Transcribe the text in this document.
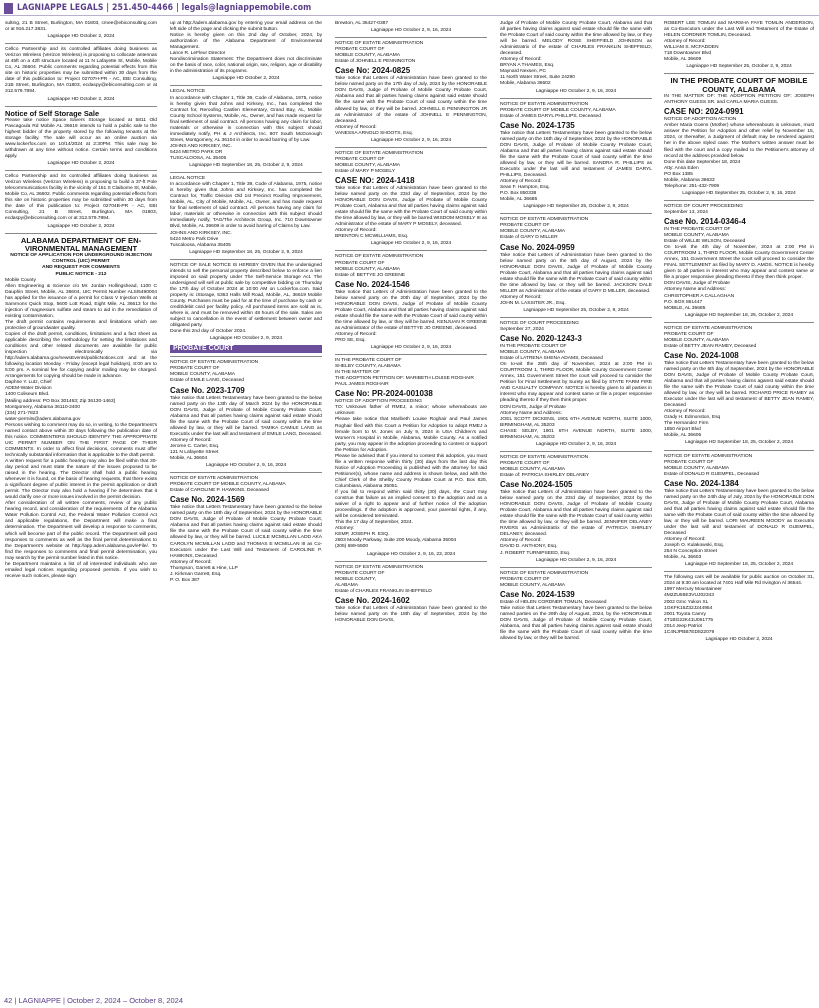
LAGNIAPPE LEGALS | 251.450-4466 | legals@lagniappemobile.com

sulting, 21 B Street, Burlington, MA 01803, cmee@ebiconsulting.com or at 916.217.3831.

Lagniappe HD October 2, 2024

Cellco Partnership and its controlled affiliates doing business as Verizon Wireless (Verizon Wireless) is proposing to collocate antennas at 45ft on a 42ft structure located at 11 N Lafayette St, Mobile, Mobile Co, AL 36604. Public comments regarding potential effects from this site on historic properties may be submitted within 30 days from the date of this publication to: Project 02707H-PR - AC, EBI Consulting, 21B Street, Burlington, MA 01803, ecdaspy@ebiconsulting.com or at 312.579.7894.

Lagniappe HD October 2, 2024

Notice of Self Storage Sale

Please take notice Space Savers Storage located at 5811 Old Pascagoula Rd Mobile AL 36619 intends to hold a public sale to the highest bidder of the property stored by the following tenants at the storage facility. The sale will occur as an online auction via www.lockerfox.com on 10/14/2024 at 2:30PM. This sale may be withdrawn at any time without notice. Certain terms and conditions apply.

Lagniappe HD October 2, 2024

Cellco Partnership and its controlled affiliates doing business as Verizon Wireless (Verizon Wireless) is proposing to build a 37-ft Pole telecommunications facility in the vicinity of 151 S Claiborne St, Mobile, Mobile Co, AL 36602. Public comments regarding potential effects from this site on historic properties may be submitted within 30 days from the date of this publication to: Project 02704B-PR - AC, EBI Consulting, 21 B Street, Burlington, MA 01803, ecdaspy@ebiconsulting.com or at 312.579.7894.

Lagniappe HD October 2, 2024

ALABAMA DEPARTMENT OF EN-VIRONMENTAL MANAGEMENT
NOTICE OF APPLICATION FOR UNDERGROUND INJECTION CONTROL (UIC) PERMIT
AND REQUEST FOR COMMENTS
PUBLIC NOTICE - 212

Mobile County

Allen Engineering & Science c/o Mr. Jordan Hollingshead, 1100 C Dauphin Street, Mobile, AL 36604, UIC Permit Number ALSI5490004 has applied for the issuance of a permit for Class V Injection Wells at Sammons Quick Stop, 5600 Lott Road, Eight Mile, AL 36613 for the injection of magnesium sulfate and steam to aid in the remediation of existing contamination.

The draft permit contains requirements and limitations which are protective of groundwater quality.

Copies of the draft permit, conditions, limitations and a fact sheet as applicable describing the methodology for setting the limitations and conditions and other related documents are available for public inspection electronically via http://adem.alabama.gov/newsEvents/publicNotices.cnt and at the following location Monday - Friday (except legal holidays), 8:00 am to 5:00 pm. A nominal fee for copying and/or mailing may be charged. Arrangements for copying should be made in advance.

Daphne Y. Lutz, Chief

ADEM-Water Division

1400 Coliseum Blvd.

[Mailing address: PO Box 301463; Zip 36130-1463]

Montgomery, Alabama 36110-2400

(334) 271-7823

water-permits@adem.alabama.gov

Persons wishing to comment may do so, in writing, to the Department's named contact above within 30 days following the publication date of this notice. COMMENTERS SHOULD IDENTIFY THE APPROPRIATE UIC PERMIT NUMBER ON THE FIRST PAGE OF THEIR COMMENTS. In order to affect final decisions, comments must offer technically substantial information that is applicable to the draft permit.

A written request for a public hearing may also be filed within that 30-day period and must state the nature of the issues proposed to be raised in the hearing. The Director shall hold a public hearing whenever it is found, on the basis of hearing requests, that there exists a significant degree of public interest in the permit application or draft permit. The Director may also hold a hearing if he determines that it would clarify one or more issues involved in the permit decision.

After consideration of all written comments, review of any public hearing record, and consideration of the requirements of the Alabama Water Pollution Control Act, the Federal Water Pollution Control Act and applicable regulations, the Department will make a final determination. The Department will develop a response to comments, which will become part of the public record. The Department will post responses to comments as well as the final permit determinations to the Department's website at http://app.adem.alabama.gov/eFile/. To find the responses to comments and final permit determination, you may search by the permit number listed in this notice.

he Department maintains a list of all interested individuals who are emailed legal notices regarding proposed permits. If you wish to receive such notices, please sign

up at http://adem.alabama.gov by entering your email address on the left side of the page and clicking the submit button.

Notice is hereby given on this 2nd day of October, 2024, by authorization of the Alabama Department of Environmental Management.

Lance R. LeFleur Director

Nondiscrimination Statement: The Department does not discriminate on the basis of race, color, national origin, sex, religion, age or disability in the administration of its programs.

Lagniappe HD October 2, 2024

LEGAL NOTICE

In accordance with Chapter 1, Title 39, Code of Alabama, 1975, notice is hereby given that Johns and Kirksey, Inc., has completed the Contract for, Reroofing Castlen Elementary, Grand Bay, AL, Mobile County School Systems, Mobile, AL, Owner, and has made request for final settlement of said contract. All persons having any claim for labor, materials or otherwise in connection with this subject should immediately notify, PH & J Architects, Inc. 807 South McDonough Street, Montgomery, AL 36104 in order to avoid barring of by Law.

JOHNS AND KIRKSEY, INC.

5424 METRO PARK DR

TUSCALOOSA, AL 35405

Lagniappe HD September 18, 25, October 2, 9, 2024

LEGAL NOTICE

In accordance with Chapter 1, Title 39, Code of Alabama, 1975, notice is hereby given that Johns and Kirksey, Inc. has completed the Contract for, Traffic Division Old 1st Precinct Roofing Improvement, Mobile, AL, City of Mobile, Mobile, AL, Owner, and has made request for final settlement of said contract. All persons having any claim for labor, materials or otherwise in connection with this subject should immediately notify, TAG/The Architects Group, Inc. 710 Downtowner Blvd, Mobile, AL 36609 in order to avoid barring of Claims by Law.

JOHNS AND KIRKSEY, INC.

5424 Metro Park Drive

Tuscaloosa, Alabama 35405

Lagniappe HD September 18, 25, October 2, 9, 2024

NOTICE OF SALE NOTICE IS HEREBY GIVEN that the undersigned intends to sell the personal property described below to enforce a lien imposed on said property under The Self-Service Storage Act. The undersigned will sell at public sale by competitive bidding on Thursday the 17th day of October 2024 at 10:00 AM on Lockerfox.com. Said property is: iStorage, 5363 Halls Mill Road, Mobile, AL, 36619 Mobile County. Purchases must be paid for at the time of purchase by cash or credit/debit card per facility policy. All purchased items are sold as is, where is, and must be removed within 48 hours of the sale. Sales are subject to cancellation in the event of settlement between owner and obligated party.

Done this 2nd day of October 2024.

Lagniappe HD October 2, 9, 2024

PROBATE COURT

NOTICE OF ESTATE ADMINISTRATION

PROBATE COURT OF

MOBILE COUNTY, ALABAMA

Estate of EMILE LANG, Deceased

Case No. 2023-1709

Take notice that Letters Testamentary have been granted to the below named party on the 13th day of March 2024 by the HONORABLE DON DAVIS, Judge of Probate of Mobile County Probate Court, Alabama and that all parties having claims against said estate should file the same with the Probate Court of said county within the time allowed by law, or they will be barred. TAMIKA CAMILE LANG as Executrix under the last will and testament of EMILE LANG, Deceased.

Attorney of Record:

Jerome C. Carter, Esq.

121 N Lafayette Street

Mobile, AL 36604

Lagniappe HD October 2, 9, 16, 2024

NOTICE OF ESTATE ADMINISTRATION

PROBATE COURT OF MOBILE COUNTY, ALABAMA

Estate of CAROLINE P. HAWKINS, Deceased

Case No. 2024-1569

Take notice that Letters Testamentary have been granted to the below named party on the 18th day of September, 2024 by the HONORABLE DON DAVIS, Judge of Probate of Mobile County Probate Court, Alabama and that all parties having claims against said estate should file the same with the Probate Court of said county within the time allowed by law, or they will be barred. LUCILE MCMILLAN LADD AKA CAROLYN MCMILLAN LADD and THOMAS E MCMILLAN III as Co-Executors under the Last Will and Testament of CAROLINE P. HAWKINS, Deceased

Attorney of Record:

Thompson, Garrett & Hine, LLP

J. Kirkman Garrett, Esq.

P. O. Box 387

Brewton, AL 36427-0387

Lagniappe HD October 2, 9, 16, 2024

NOTICE OF ESTATE ADMINISTRATION

PROBATE COURT OF

MOBILE COUNTY, ALABAMA

Estate of JOHNELL E PENNINGTON

Case No: 2024-0825

Take notice that Letters of Administration have been granted to the below named party on the 17th day of July, 2024 by the HONORABLE DON DAVIS, Judge of Probate of Mobile County Probate Court, Alabama and that all parties having claims against said estate should file the same with the Probate Court of said county within the time allowed by law, or they will be barred. JOHNELL E PENNINGTON JR as Administrator of the estate of JOHNELL E PENNINGTON, deceased.

Attorney of Record:

VANESSA ARNOLD SHOOTS, Esq.

Lagniappe HD October 2, 9, 16, 2024

NOTICE OF ESTATE ADMINISTRATION

PROBATE COURT OF

MOBILE COUNTY, ALABAMA

Estate of MARY P MOSELY

CASE NO: 2024-1418

Take notice that Letters of Administration have been granted to the below named party on the 23rd day of September, 2024 by the HONORABLE DON DAVIS, Judge of Probate of Mobile County Probate Court, Alabama and that all parties having claims against said estate should file the same with the Probate Court of said county within the time allowed by law, or they will be barred.WISDOM MOSELY III as Administrator of the estate of MARY P MOSELY, deceased.

Attorney of Record:

BRENTON C MCWILLIAMS, Esq.

Lagniappe HD October 2, 9, 16, 2024

NOTICE OF ESTATE ADMINISTRATION

PROBATE COURT OF

MOBILE COUNTY, ALABAMA

Estate of: BETTYE JO GREENE

Case No. 2024-1546

Take notice that Letters of Administration have been granted to the below named party on the 20th day of September, 2024 by the HONORABLE DON DAVIS, Judge of Probate of Mobile County Probate Court, Alabama and that all parties having claims against said estate should file the same with the Probate Court of said county within the time allowed by law, or they will be barred. KENJUAN R GREENE as Administrator of the estate of BETTYE JO GREENE, deceased.

Attorney of Record:

PRO SE, Esq.

Lagniappe HD October 2, 9, 16, 2024

IN THE PROBATE COURT OF

SHELBY COUNTY, ALABAMA

IN THE MATTER OF

THE ADOPTION PETITION OF: MARIBETH LOUISE ROGHAIR

PAUL JAMES ROGHAIR

Case No: PR-2024-001038

NOTICE OF ADOPTION PROCEEDING

TO: Unknown father of RMEJ, a minor; whose whereabouts are unknown

Please take notice that Maribeth Louise Roghair and Paul James Roghair filed with this Court a Petition for Adoption to adopt RMEJ a female born to M. Jones on July 9, 2024 in USA Children's and Women's Hospital in Mobile, Alabama, Mobile County. As a notified party, you may appear in the adoption proceeding to contest or support the Petition for Adoption.

Please be advised that if you intend to contest this adoption, you must file a written response within thirty (30) days from the last day this Notice of Adoption Proceeding is published with the attorney for said Petitioner(s), whose name and address is shown below, and with the Chief Clerk of the Shelby County Probate Court at P.O. Box 825, Columbiana, Alabama 35051.

If you fail to respond within said thirty (30) days, the Court may construe that failure as an implied consent to the adoption and as a waiver of a right to appear and of further notice of the adoption proceedings. If the adoption is approved, your parental rights, if any, will be considered terminated.

This the 17 day of September, 2024.

Attorney:

KEMP, JOSEPH R. ESQ.

2603 Moody Parkway, Suite 200 Moody, Alabama 35004

(205) 699-5500

Lagniappe HD October 2, 9, 16, 23, 2024

NOTICE OF ESTATE ADMINISTRATION

PROBATE COURT OF

MOBILE COUNTY,

ALABAMA

Estate of CHARLES FRANKLIN SHEFFIELD

Case No. 2024-1602

Take notice that Letters of Administration have been granted to the below named party on the 18th day of September, 2024 by the HONORABLE DON DAVIS,

Judge of Probate of Mobile County Probate Court, Alabama and that all parties having claims against said estate should file the same with the Probate Court of said county within the time allowed by law, or they will be barred. MELODY ROSE SHEFFIELD JOHNSON as Administratrix of the estate of CHARLES FRANKLIN SHEFFIELD, deceased.

Attorney of Record:

BRYAN A THAMES, Esq.

Maynard Nexsen, PC

11 North Water Street, Suite 24290

Mobile, Alabama 36602

Lagniappe HD October 2, 9, 16, 2024

NOTICE OF ESTATE ADMINISTRATION

PROBATE COURT OF MOBILE COUNTY, ALABAMA

Estate of JAMES DARYL PHILLIPS, Deceased

Case No. 2024-1735

Take notice that Letters Testamentary have been granted to the below named party on the 16th day of September, 2024 by the HONORABLE DON DAVIS, Judge of Probate of Mobile County Probate Court, Alabama and that all parties having claims against said estate should file the same with the Probate Court of said county within the time allowed by law, or they will be barred. SANDRA R. PHILLIPS as Executrix under the last will and testament of JAMES DARYL PHILLIPS, Deceased.

Attorney of Record:

Sean F. Hampton, Esq.

P.O. Box 850338

Mobile, AL 36685

Lagniappe HD September 25, October 2, 9, 2024

NOTICE OF ESTATE ADMINISTRATION

PROBATE COURT OF

MOBILE COUNTY, ALABAMA

Estate of GARY D MILLER

Case No. 2024-0959

Take notice that Letters of Administration have been granted to the below named party on the 5th day of August, 2024 by the HONORABLE DON DAVIS, Judge of Probate of Mobile County Probate Court, Alabama and that all parties having claims against said estate should file the same with the Probate Court of said county within the time allowed by law, or they will be barred. JACKSON DALE MILLER as Administrator of the estate of GARY D MILLER, deceased.

Attorney of Record:

JOHN M. LASSITER JR., Esq.

Lagniappe HD September 25, October 2, 9, 2024

NOTICE OF COURT PROCEEDING

September 27, 2024

Case No. 2020-1243-3

IN THE PROBATE COURT OF

MOBILE COUNTY, ALABAMA

Estate of LATRENA SHENA ADAMS, Deceased

On to-wit the 25th day of November, 2024 at 2:00 PM in COURTROOM 1, THIRD FLOOR, Mobile County Government Center Annex, 151 Government Street the court will proceed to consider the Petition for Final Settlement by Surety as filed by STATE FARM FIRE AND CASUALTY COMPANY. NOTICE is hereby given to all parties in interest who may appear and contest same or file a proper responsive pleading thereto if they then think proper.

DON DAVIS, Judge of Probate

Attorney Name and Address:

JOEL SCOTT DICKENS, 1901 6TH AVENUE NORTH, SUITE 1000, BIRMINGHAM, AL 35203

CHASE SELBY, 1901 6TH AVENUE NORTH, SUITE 1000, BIRMINGHAM, AL 35203

Lagniappe HD October 2, 9, 16, 2024

NOTICE OF ESTATE ADMINISTRATION

PROBATE COURT OF

MOBILE COUNTY, ALABAMA

Estate of: PATRICIA SHIRLEY DELANEY

Case No.2024-1505

Take notice that Letters of Administration have been granted to the below named party on the 23rd day of September, 2024 by the HONORABLE DON DAVIS, Judge of Probate of Mobile County Probate Court, Alabama and that all parties having claims against said estate should file the same with the Probate Court of said county within the time allowed by law, or they will be barred. JENNIFER DELANEY RIVERS as Administratrix of the estate of PATRICIA SHIRLEY DELANEY, deceased.

Attorney of Record:

DAVID D. ANTHONY, Esq.

J. ROBERT TURNIPSEED, Esq.

Lagniappe HD October 2, 9, 16, 2024

NOTICE OF ESTATE ADMINISTRATION

PROBATE COURT OF

MOBILE COUNTY, ALABAMA

Case No. 2024-1539

Estate of HELEN CORDNER TOMLIN, Deceased

Take notice that Letters Testamentary have been granted to the below named parties on the 29th day of August, 2024, by the HONORABLE DON DAVIS, Judge of Probate of Mobile County Probate Court, Alabama, and that all parties having claims against said estate should file the same with the Probate Court of said county within the time allowed by law, or they will be barred.

ROBERT LEE TOMLIN and MARSHA FAYE TOMLIN ANDERSON, as Co-Executors under the Last Will and Testament of the Estate of HELEN CORDNER TOMLIN, Deceased.

Attorney of Record:

WILLIAM S. MCFADDEN

718 Downtowner Blvd

Mobile, AL 36609

Lagniappe HD September 25, October 2, 9, 2024

IN THE PROBATE COURT OF MOBILE COUNTY, ALABAMA

IN THE MATTER OF: THE ADOPTION PETITION OF: JOSEPH ANTHONY GUESS SR. and CARLA MARIA GUESS.

CASE NO: 2024-0991

NOTICE OF ADOPTION ACTION

Amber Maria Goens (Mother) whose whereabouts is unknown, must answer the Petition for Adoption and other relief by November 15, 2024, or thereafter, a Judgment of default may be rendered against her in the above styled case. The Mother's written answer must be filed with the court and a copy mailed to the Petitioner's attorney of record at the address provided below.

Done this date September 18, 2024

Atty: Anna Eden

PO Box 1385

Mobile, Alabama 36633

Telephone: 251-432-7909

Lagniappe HD September 25, October 2, 9, 16, 2024

NOTICE OF COURT PROCEEDING

September 13, 2024

Case No. 2014-0346-4

IN THE PROBATE COURT OF

MOBILE COUNTY, ALABAMA

Estate of WILLIE WILSON, Deceased

On to-wit the 4th day of November, 2024 at 2:00 PM in COURTROOM 1, THIRD FLOOR, Mobile County Government Center Annex, 151 Government Street the court will proceed to consider the FINAL SETTLEMENT as filed by MARY D. AMOS. NOTICE is hereby given to all parties in interest who may appear and contest same or file a proper responsive pleading thereto if they then think proper.

DON DAVIS, Judge of Probate

Attorney Name and Address:

CHRISTOPHER A CALLAGHAN

P.O. BOX 861447

MOBILE, AL 36685

Lagniappe HD September 18, 25, October 2, 2024

NOTICE OF ESTATE ADMINISTRATION

PROBATE COURT OF

MOBILE COUNTY, ALABAMA

Estate of BETTY JEAN RAMEY, Deceased

Case No. 2024-1008

Take notice that Letters Testamentary have been granted to the below named party on the 6th day of September, 2024 by the HONORABLE DON DAVIS, Judge of Probate of Mobile County Probate Court, Alabama and that all parties having claims against said estate should file the same with the Probate Court of said county within the time allowed by law, or they will be barred. RICHARD PRICE RAMEY as Executor under the last will and testament of BETTY JEAN RAMEY, Deceased

Attorney of Record:

Grady H. Edmonston, Esq

The Hernandez Firm

1850 Airport Blvd

Mobile, AL 36606

Lagniappe HD September 18, 25, October 2, 2024

NOTICE OF ESTATE ADMINISTRATION

PROBATE COURT OF

MOBILE COUNTY, ALABAMA

Estate of DONALD R GUEMPEL, Deceased

Case No. 2024-1384

Take notice that Letters Testamentary have been granted to the below named party on the 24th day of July, 2024 by the HONORABLE DON DAVIS, Judge of Probate of Mobile County Probate Court, Alabama and that all parties having claims against said estate should file the same with the Probate Court of said county within the time allowed by law, or they will be barred. LORI MAUREEN MOODY as Executrix under the last will and testament of DONALD R GUEMPEL, Deceased

Attorney of Record:

Joseph O. Kulakowski, Esq.

254 N Conception Street

Mobile, AL 36603

Lagniappe HD September 18, 25, October 2, 2024

The following cars will be available for public auction on October 31, 2024 at 9:30 am located at 7401 Half Mile Rd Irvington Al 36544.

1997 Mercury Mountaineer

4M2ZU55E3VUJ02343

2002 Gmc Yukon XL

1GKFK16Z32J244954

2001 Toyota Camry

4T1BG22K41U061775

2014 Jeep Patriot

1C4NJPBB7ED822079

Lagniappe HD October 2, 2024

42 | LAGNIAPPE | October 2, 2024 – October 8, 2024
